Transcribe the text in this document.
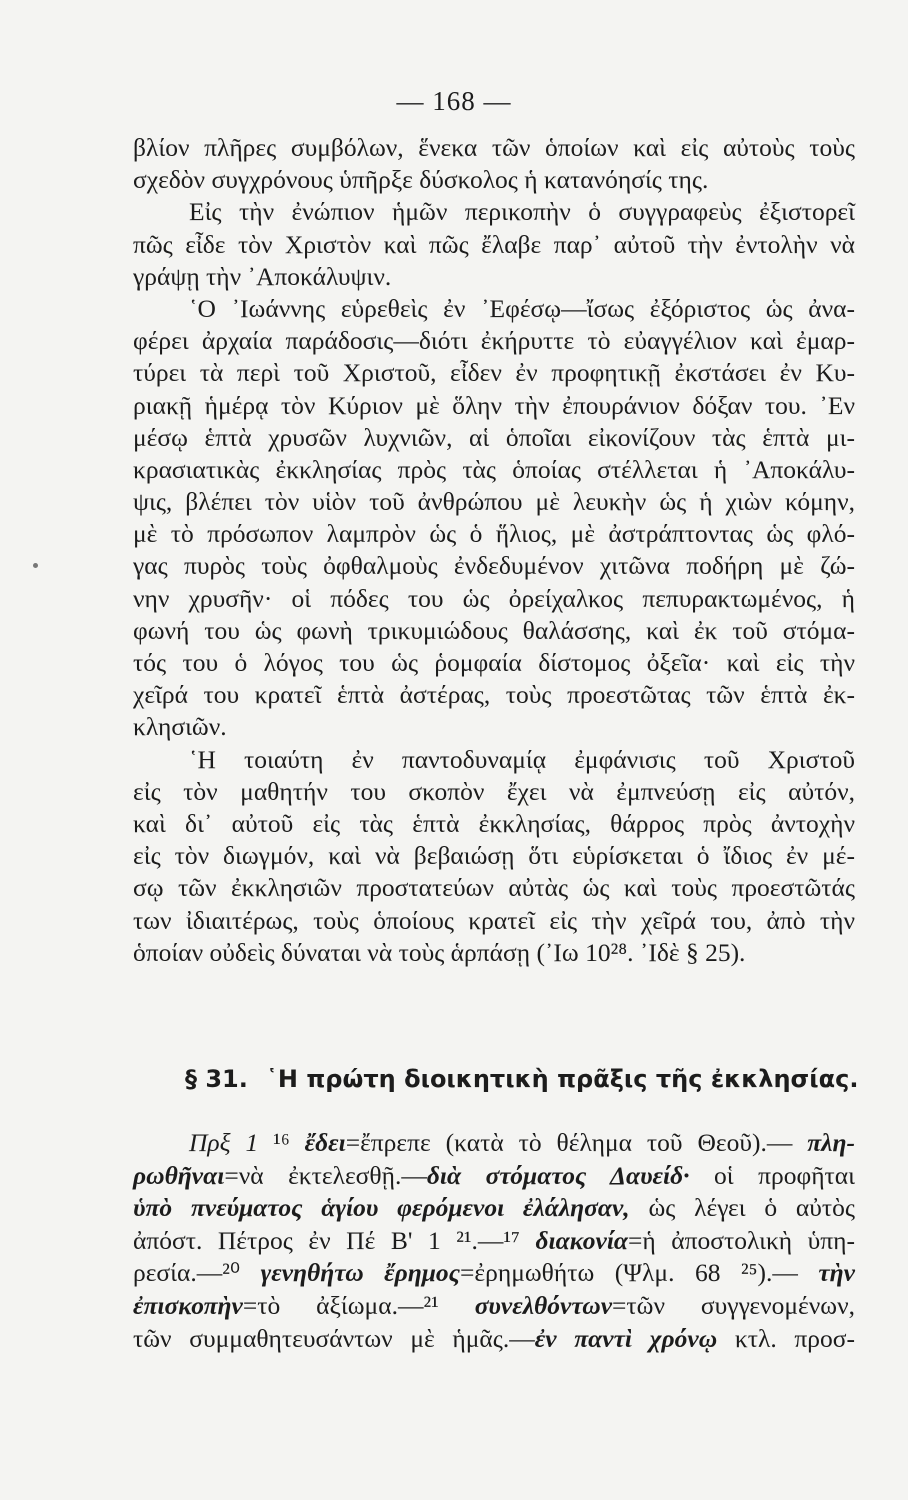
— 168 —
βλίον πλῆρες συμβόλων, ἕνεκα τῶν ὁποίων καὶ εἰς αὐτοὺς τοὺς
σχεδὸν συγχρόνους ὑπῆρξε δύσκολος ἡ κατανόησίς της.
Εἰς τὴν ἐνώπιον ἡμῶν περικοπὴν ὁ συγγραφεὺς ἐξιστορεῖ
πῶς εἶδε τὸν Χριστὸν καὶ πῶς ἔλαβε παρ᾽ αὐτοῦ τὴν ἐντολὴν νὰ
γράψῃ τὴν ᾽Αποκάλυψιν.
῾Ο ᾽Ιωάννης εὑρεθεὶς ἐν ᾽Εφέσῳ—ἴσως ἐξόριστος ὡς ἀνα-
φέρει ἀρχαία παράδοσις—διότι ἐκήρυττε τὸ εὐαγγέλιον καὶ ἐμαρ-
τύρει τὰ περὶ τοῦ Χριστοῦ, εἶδεν ἐν προφητικῇ ἐκστάσει ἐν Κυ-
ριακῇ ἡμέρᾳ τὸν Κύριον μὲ ὅλην τὴν ἐπουράνιον δόξαν του. ᾽Εν
μέσῳ ἑπτὰ χρυσῶν λυχνιῶν, αἱ ὁποῖαι εἰκονίζουν τὰς ἑπτὰ μι-
κρασιατικὰς ἐκκλησίας πρὸς τὰς ὁποίας στέλλεται ἡ ᾽Αποκάλυ-
ψις, βλέπει τὸν υἱὸν τοῦ ἀνθρώπου μὲ λευκὴν ὡς ἡ χιὼν κόμην,
μὲ τὸ πρόσωπον λαμπρὸν ὡς ὁ ἥλιος, μὲ ἀστράπτοντας ὡς φλό-
γας πυρὸς τοὺς ὀφθαλμοὺς ἐνδεδυμένον χιτῶνα ποδήρη μὲ ζώ-
νην χρυσῆν· οἱ πόδες του ὡς ὀρείχαλκος πεπυρακτωμένος, ἡ
φωνή του ὡς φωνὴ τρικυμιώδους θαλάσσης, καὶ ἐκ τοῦ στόμα-
τός του ὁ λόγος του ὡς ῥομφαία δίστομος ὀξεῖα· καὶ εἰς τὴν
χεῖρά του κρατεῖ ἑπτὰ ἀστέρας, τοὺς προεστῶτας τῶν ἑπτὰ ἐκ-
κλησιῶν.
῾Η τοιαύτη ἐν παντοδυναμίᾳ ἐμφάνισις τοῦ Χριστοῦ
εἰς τὸν μαθητήν του σκοπὸν ἔχει νὰ ἐμπνεύσῃ εἰς αὐτόν,
καὶ δι᾽ αὐτοῦ εἰς τὰς ἑπτὰ ἐκκλησίας, θάρρος πρὸς ἀντοχὴν
εἰς τὸν διωγμόν, καὶ νὰ βεβαιώσῃ ὅτι εὑρίσκεται ὁ ἴδιος ἐν μέ-
σῳ τῶν ἐκκλησιῶν προστατεύων αὐτὰς ὡς καὶ τοὺς προεστῶτάς
των ἰδιαιτέρως, τοὺς ὁποίους κρατεῖ εἰς τὴν χεῖρά του, ἀπὸ τὴν
ὁποίαν οὐδεὶς δύναται νὰ τοὺς ἁρπάσῃ (᾽Ιω 10²⁸. ᾽Ιδὲ § 25).
§ 31. ῾Η πρώτη διοικητικὴ πρᾶξις τῆς ἐκκλησίας.
Πρξ 1 ¹⁶ ἔδει=ἔπρεπε (κατὰ τὸ θέλημα τοῦ Θεοῦ).— πλη-
ρωθῆναι=νὰ ἐκτελεσθῇ.—διὰ στόματος Δαυείδ· οἱ προφῆται
ὑπὸ πνεύματος ἁγίου φερόμενοι ἐλάλησαν, ὡς λέγει ὁ αὐτὸς
ἀπόστ. Πέτρος ἐν Πέ Β' 1 ²¹.—¹⁷ διακονία=ἡ ἀποστολικὴ ὑπη-
ρεσία.—²⁰ γενηθήτω ἔρημος=ἐρημωθήτω (Ψλμ. 68 ²⁵).— τὴν
ἐπισκοπὴν=τὸ ἀξίωμα.—²¹ συνελθόντων=τῶν συγγενομένων,
τῶν συμμαθητευσάντων μὲ ἡμᾶς.—ἐν παντὶ χρόνῳ κτλ. προσ-
